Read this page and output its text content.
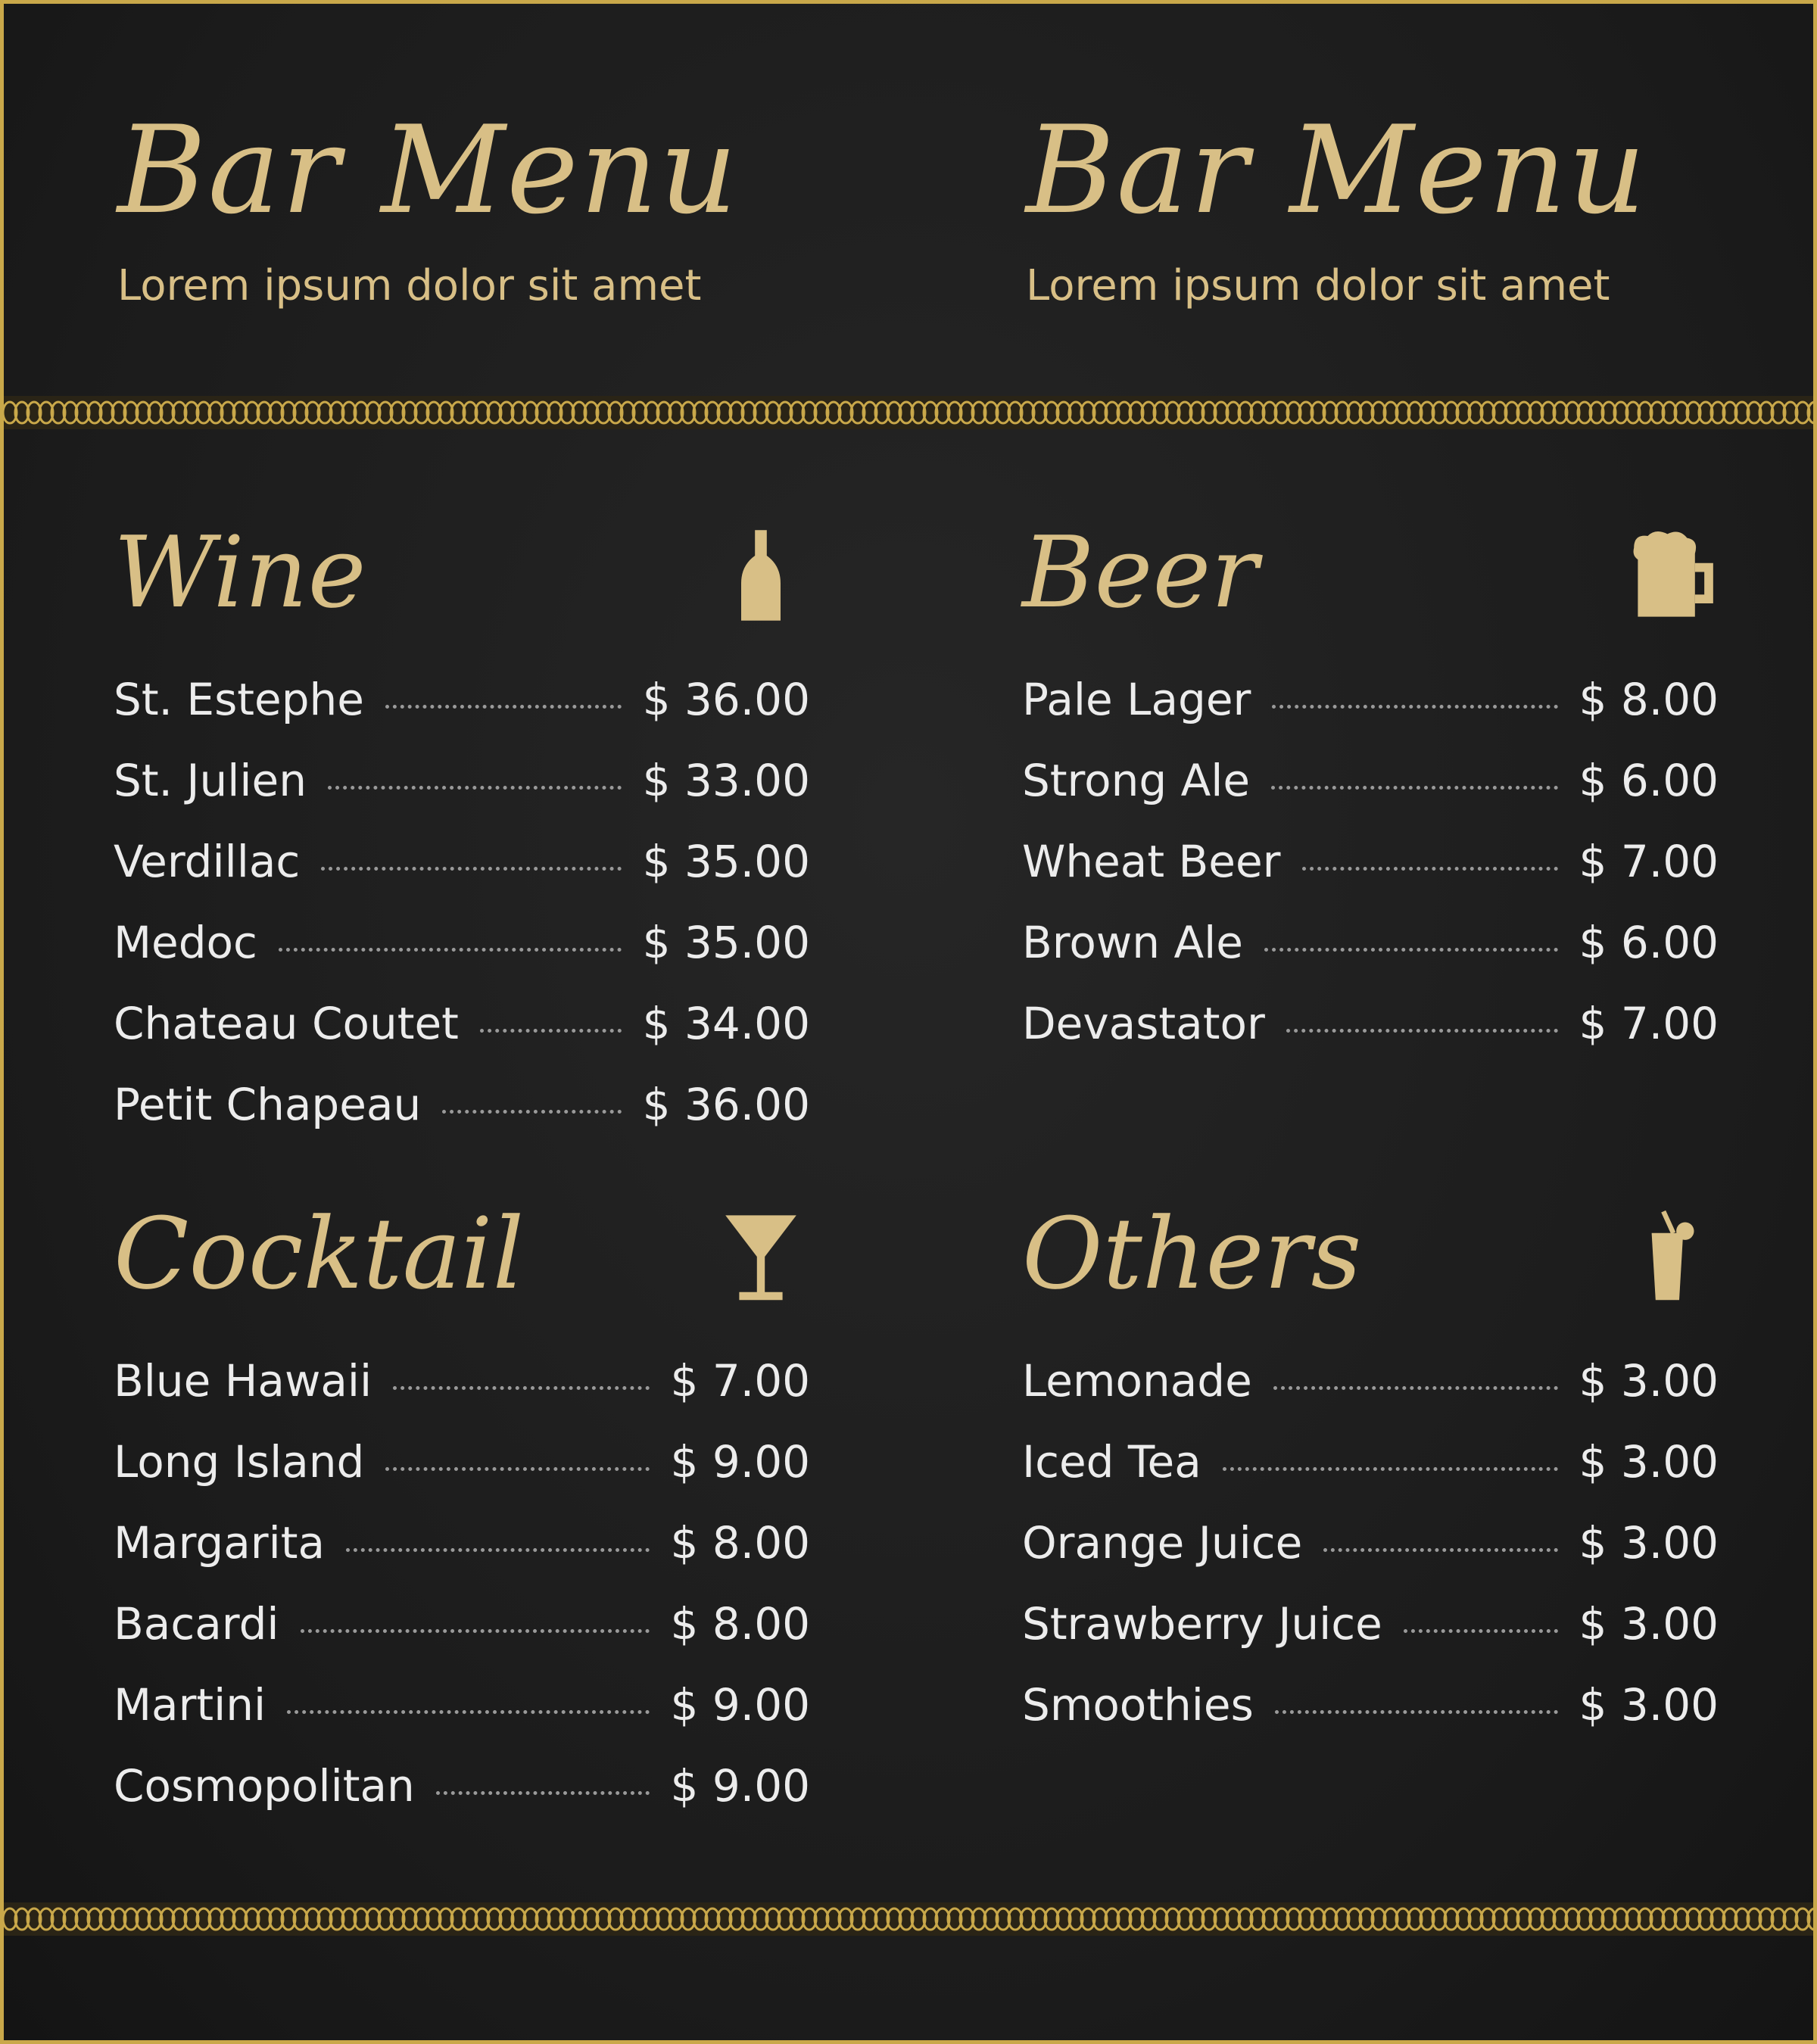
Bar Menu
Lorem ipsum dolor sit amet
Bar Menu
Lorem ipsum dolor sit amet
Wine
St. Estephe	$ 36.00
St. Julien	$ 33.00
Verdillac	$ 35.00
Medoc	$ 35.00
Chateau Coutet	$ 34.00
Petit Chapeau	$ 36.00
Beer
Pale Lager	$ 8.00
Strong Ale	$ 6.00
Wheat Beer	$ 7.00
Brown Ale	$ 6.00
Devastator	$ 7.00
Cocktail
Blue Hawaii	$ 7.00
Long Island	$ 9.00
Margarita	$ 8.00
Bacardi	$ 8.00
Martini	$ 9.00
Cosmopolitan	$ 9.00
Others
Lemonade	$ 3.00
Iced Tea	$ 3.00
Orange Juice	$ 3.00
Strawberry Juice	$ 3.00
Smoothies	$ 3.00
